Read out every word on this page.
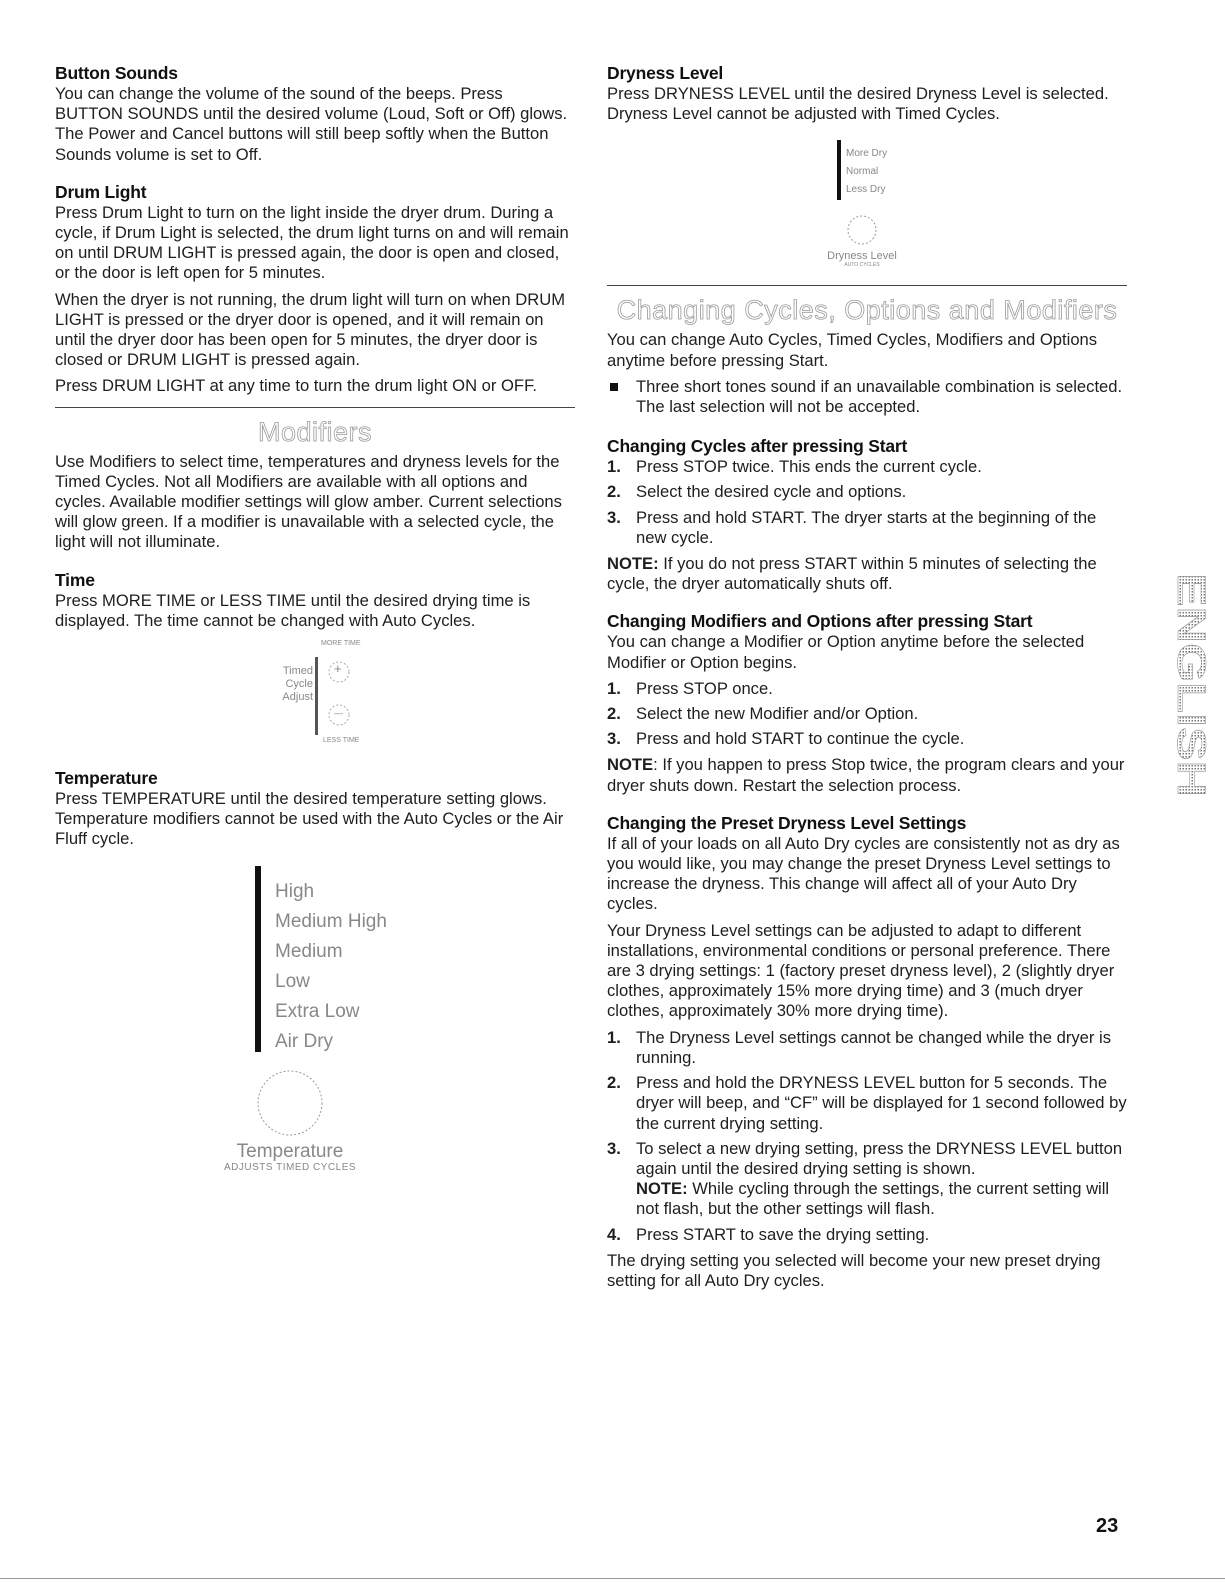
Button Sounds

You can change the volume of the sound of the beeps. Press BUTTON SOUNDS until the desired volume (Loud, Soft or Off) glows. The Power and Cancel buttons will still beep softly when the Button Sounds volume is set to Off.

Drum Light

Press Drum Light to turn on the light inside the dryer drum. During a cycle, if Drum Light is selected, the drum light turns on and will remain on until DRUM LIGHT is pressed again, the door is open and closed, or the door is left open for 5 minutes.

When the dryer is not running, the drum light will turn on when DRUM LIGHT is pressed or the dryer door is opened, and it will remain on until the dryer door has been open for 5 minutes, the dryer door is closed or DRUM LIGHT is pressed again.

Press DRUM LIGHT at any time to turn the drum light ON or OFF.

Modifiers

Use Modifiers to select time, temperatures and dryness levels for the Timed Cycles. Not all Modifiers are available with all options and cycles. Available modifier settings will glow amber. Current selections will glow green. If a modifier is unavailable with a selected cycle, the light will not illuminate.

Time

Press MORE TIME or LESS TIME until the desired drying time is displayed. The time cannot be changed with Auto Cycles.

MORE TIME
+
—
LESS TIME
Timed
Cycle
Adjust
Temperature

Press TEMPERATURE until the desired temperature setting glows. Temperature modifiers cannot be used with the Auto Cycles or the Air Fluff cycle.

High
Medium High
Medium
Low
Extra Low
Air Dry
Temperature
ADJUSTS TIMED CYCLES
Dryness Level

Press DRYNESS LEVEL until the desired Dryness Level is selected. Dryness Level cannot be adjusted with Timed Cycles.

More Dry
Normal
Less Dry
Dryness Level
AUTO CYCLES
Changing Cycles, Options and Modifiers

You can change Auto Cycles, Timed Cycles, Modifiers and Options anytime before pressing Start.

Three short tones sound if an unavailable combination is selected. The last selection will not be accepted.
Changing Cycles after pressing Start
1. Press STOP twice. This ends the current cycle.
2. Select the desired cycle and options.
3. Press and hold START. The dryer starts at the beginning of the new cycle.

NOTE: If you do not press START within 5 minutes of selecting the cycle, the dryer automatically shuts off.

Changing Modifiers and Options after pressing Start

You can change a Modifier or Option anytime before the selected Modifier or Option begins.

1. Press STOP once.
2. Select the new Modifier and/or Option.
3. Press and hold START to continue the cycle.

NOTE: If you happen to press Stop twice, the program clears and your dryer shuts down. Restart the selection process.

Changing the Preset Dryness Level Settings

If all of your loads on all Auto Dry cycles are consistently not as dry as you would like, you may change the preset Dryness Level settings to increase the dryness. This change will affect all of your Auto Dry cycles.

Your Dryness Level settings can be adjusted to adapt to different installations, environmental conditions or personal preference. There are 3 drying settings: 1 (factory preset dryness level), 2 (slightly dryer clothes, approximately 15% more drying time) and 3 (much dryer clothes, approximately 30% more drying time).

1. The Dryness Level settings cannot be changed while the dryer is running.
2. Press and hold the DRYNESS LEVEL button for 5 seconds. The dryer will beep, and “CF” will be displayed for 1 second followed by the current drying setting.
3. To select a new drying setting, press the DRYNESS LEVEL button again until the desired drying setting is shown.
NOTE: While cycling through the settings, the current setting will not flash, but the other settings will flash.
4. Press START to save the drying setting.

The drying setting you selected will become your new preset drying setting for all Auto Dry cycles.

ENGLISH
23
